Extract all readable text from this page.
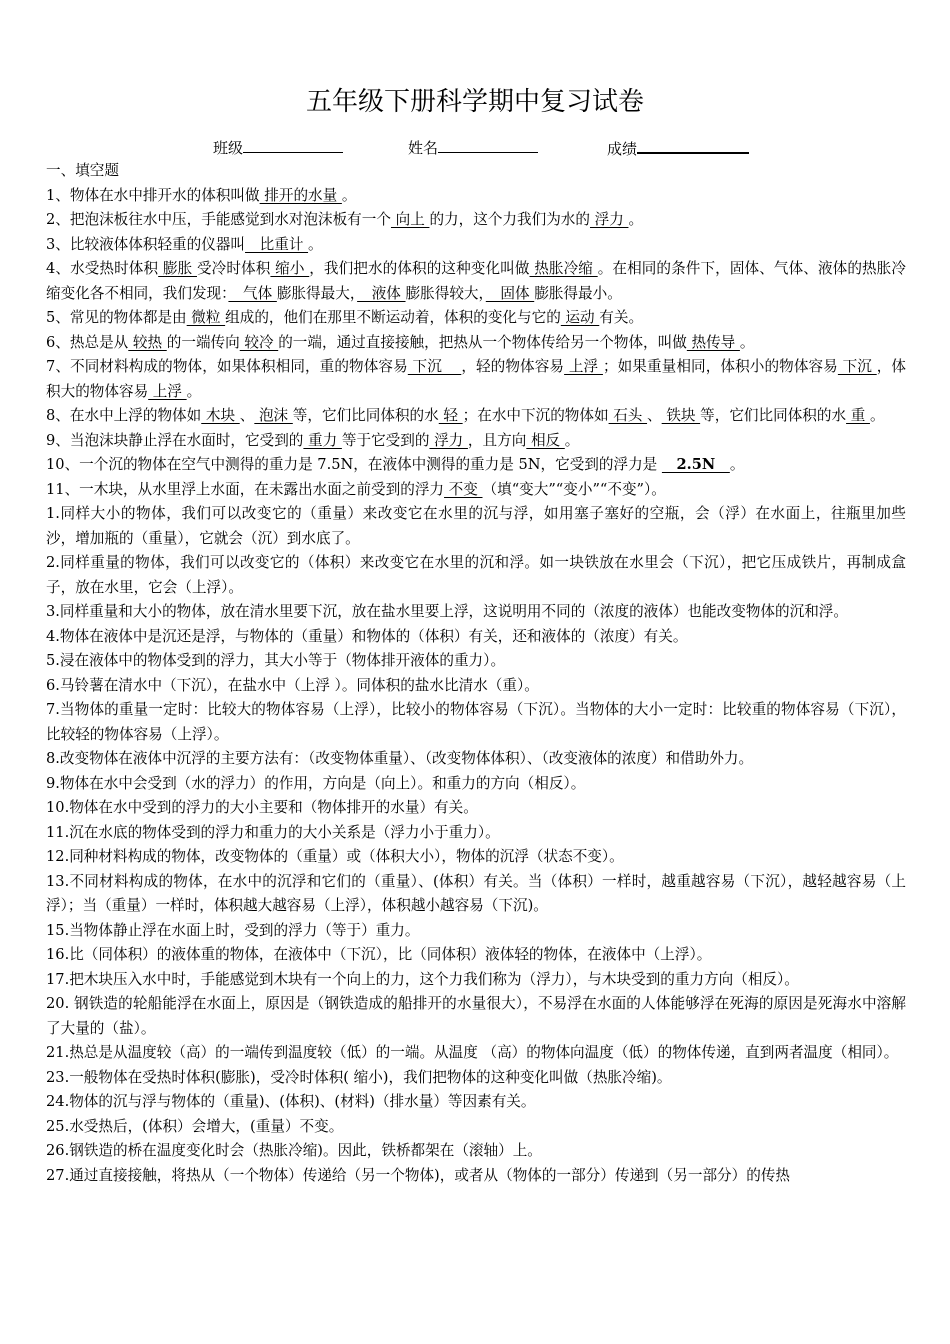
五年级下册科学期中复习试卷
班级	姓名	成绩

一、填空题

1、物体在水中排开水的体积叫做 排开的水量 。

2、把泡沫板往水中压，手能感觉到水对泡沫板有一个 向上 的力，这个力我们为水的 浮力 。

3、比较液体体积轻重的仪器叫　比重计 。

4、水受热时体积 膨胀 受冷时体积 缩小 ，我们把水的体积的这种变化叫做 热胀冷缩 。在相同的条件下，固体、气体、液体的热胀冷缩变化各不相同，我们发现：　气体 膨胀得最大，　液体 膨胀得较大，　固体 膨胀得最小。

5、常见的物体都是由 微粒 组成的，他们在那里不断运动着，体积的变化与它的 运动 有关。

6、热总是从 较热 的一端传向 较冷 的一端，通过直接接触，把热从一个物体传给另一个物体，叫做 热传导 。

7、不同材料构成的物体，如果体积相同，重的物体容易 下沉　 ，轻的物体容易 上浮 ；如果重量相同，体积小的物体容易 下沉 ，体积大的物体容易 上浮 。

8、在水中上浮的物体如 木块 、 泡沫 等，它们比同体积的水 轻 ；在水中下沉的物体如 石头 、 铁块 等，它们比同体积的水 重 。

9、当泡沫块静止浮在水面时，它受到的 重力 等于它受到的 浮力 ，且方向 相反 。

10、一个沉的物体在空气中测得的重力是 7.5N，在液体中测得的重力是 5N，它受到的浮力是 　2.5N　。

11、一木块，从水里浮上水面，在未露出水面之前受到的浮力 不变 （填“变大”“变小”“不变”）。

1.同样大小的物体，我们可以改变它的（重量）来改变它在水里的沉与浮，如用塞子塞好的空瓶，会（浮）在水面上，往瓶里加些沙，增加瓶的（重量），它就会（沉）到水底了。

2.同样重量的物体，我们可以改变它的（体积）来改变它在水里的沉和浮。如一块铁放在水里会（下沉），把它压成铁片，再制成盒子，放在水里，它会（上浮）。

3.同样重量和大小的物体，放在清水里要下沉，放在盐水里要上浮，这说明用不同的（浓度的液体）也能改变物体的沉和浮。

4.物体在液体中是沉还是浮，与物体的（重量）和物体的（体积）有关，还和液体的（浓度）有关。

5.浸在液体中的物体受到的浮力，其大小等于（物体排开液体的重力）。

6.马铃薯在清水中（下沉），在盐水中（上浮 ）。同体积的盐水比清水（重）。

7.当物体的重量一定时：比较大的物体容易（上浮），比较小的物体容易（下沉）。当物体的大小一定时：比较重的物体容易（下沉），比较轻的物体容易（上浮）。

8.改变物体在液体中沉浮的主要方法有：（改变物体重量）、（改变物体体积）、（改变液体的浓度）和借助外力。

9.物体在水中会受到（水的浮力）的作用，方向是（向上）。和重力的方向（相反）。

10.物体在水中受到的浮力的大小主要和（物体排开的水量）有关。

11.沉在水底的物体受到的浮力和重力的大小关系是（浮力小于重力）。

12.同种材料构成的物体，改变物体的（重量）或（体积大小），物体的沉浮（状态不变）。

13.不同材料构成的物体，在水中的沉浮和它们的（重量）、(体积）有关。当（体积）一样时，越重越容易（下沉），越轻越容易（上浮）；当（重量）一样时，体积越大越容易（上浮），体积越小越容易（下沉)。

15.当物体静止浮在水面上时，受到的浮力（等于）重力。

16.比（同体积）的液体重的物体，在液体中（下沉），比（同体积）液体轻的物体，在液体中（上浮）。

17.把木块压入水中时，手能感觉到木块有一个向上的力，这个力我们称为（浮力），与木块受到的重力方向（相反）。

20. 钢铁造的轮船能浮在水面上，原因是（钢铁造成的船排开的水量很大），不易浮在水面的人体能够浮在死海的原因是死海水中溶解了大量的（盐）。

21.热总是从温度较（高）的一端传到温度较（低）的一端。从温度 （高）的物体向温度（低）的物体传递，直到两者温度（相同）。

23.一般物体在受热时体积(膨胀)，受冷时体积( 缩小)，我们把物体的这种变化叫做（热胀冷缩)。

24.物体的沉与浮与物体的（重量)、(体积)、(材料)（排水量）等因素有关。

25.水受热后，(体积）会增大，(重量）不变。

26.钢铁造的桥在温度变化时会（热胀冷缩)。因此，铁桥都架在（滚轴）上。

27.通过直接接触，将热从（一个物体）传递给（另一个物体)，或者从（物体的一部分）传递到（另一部分）的传热
